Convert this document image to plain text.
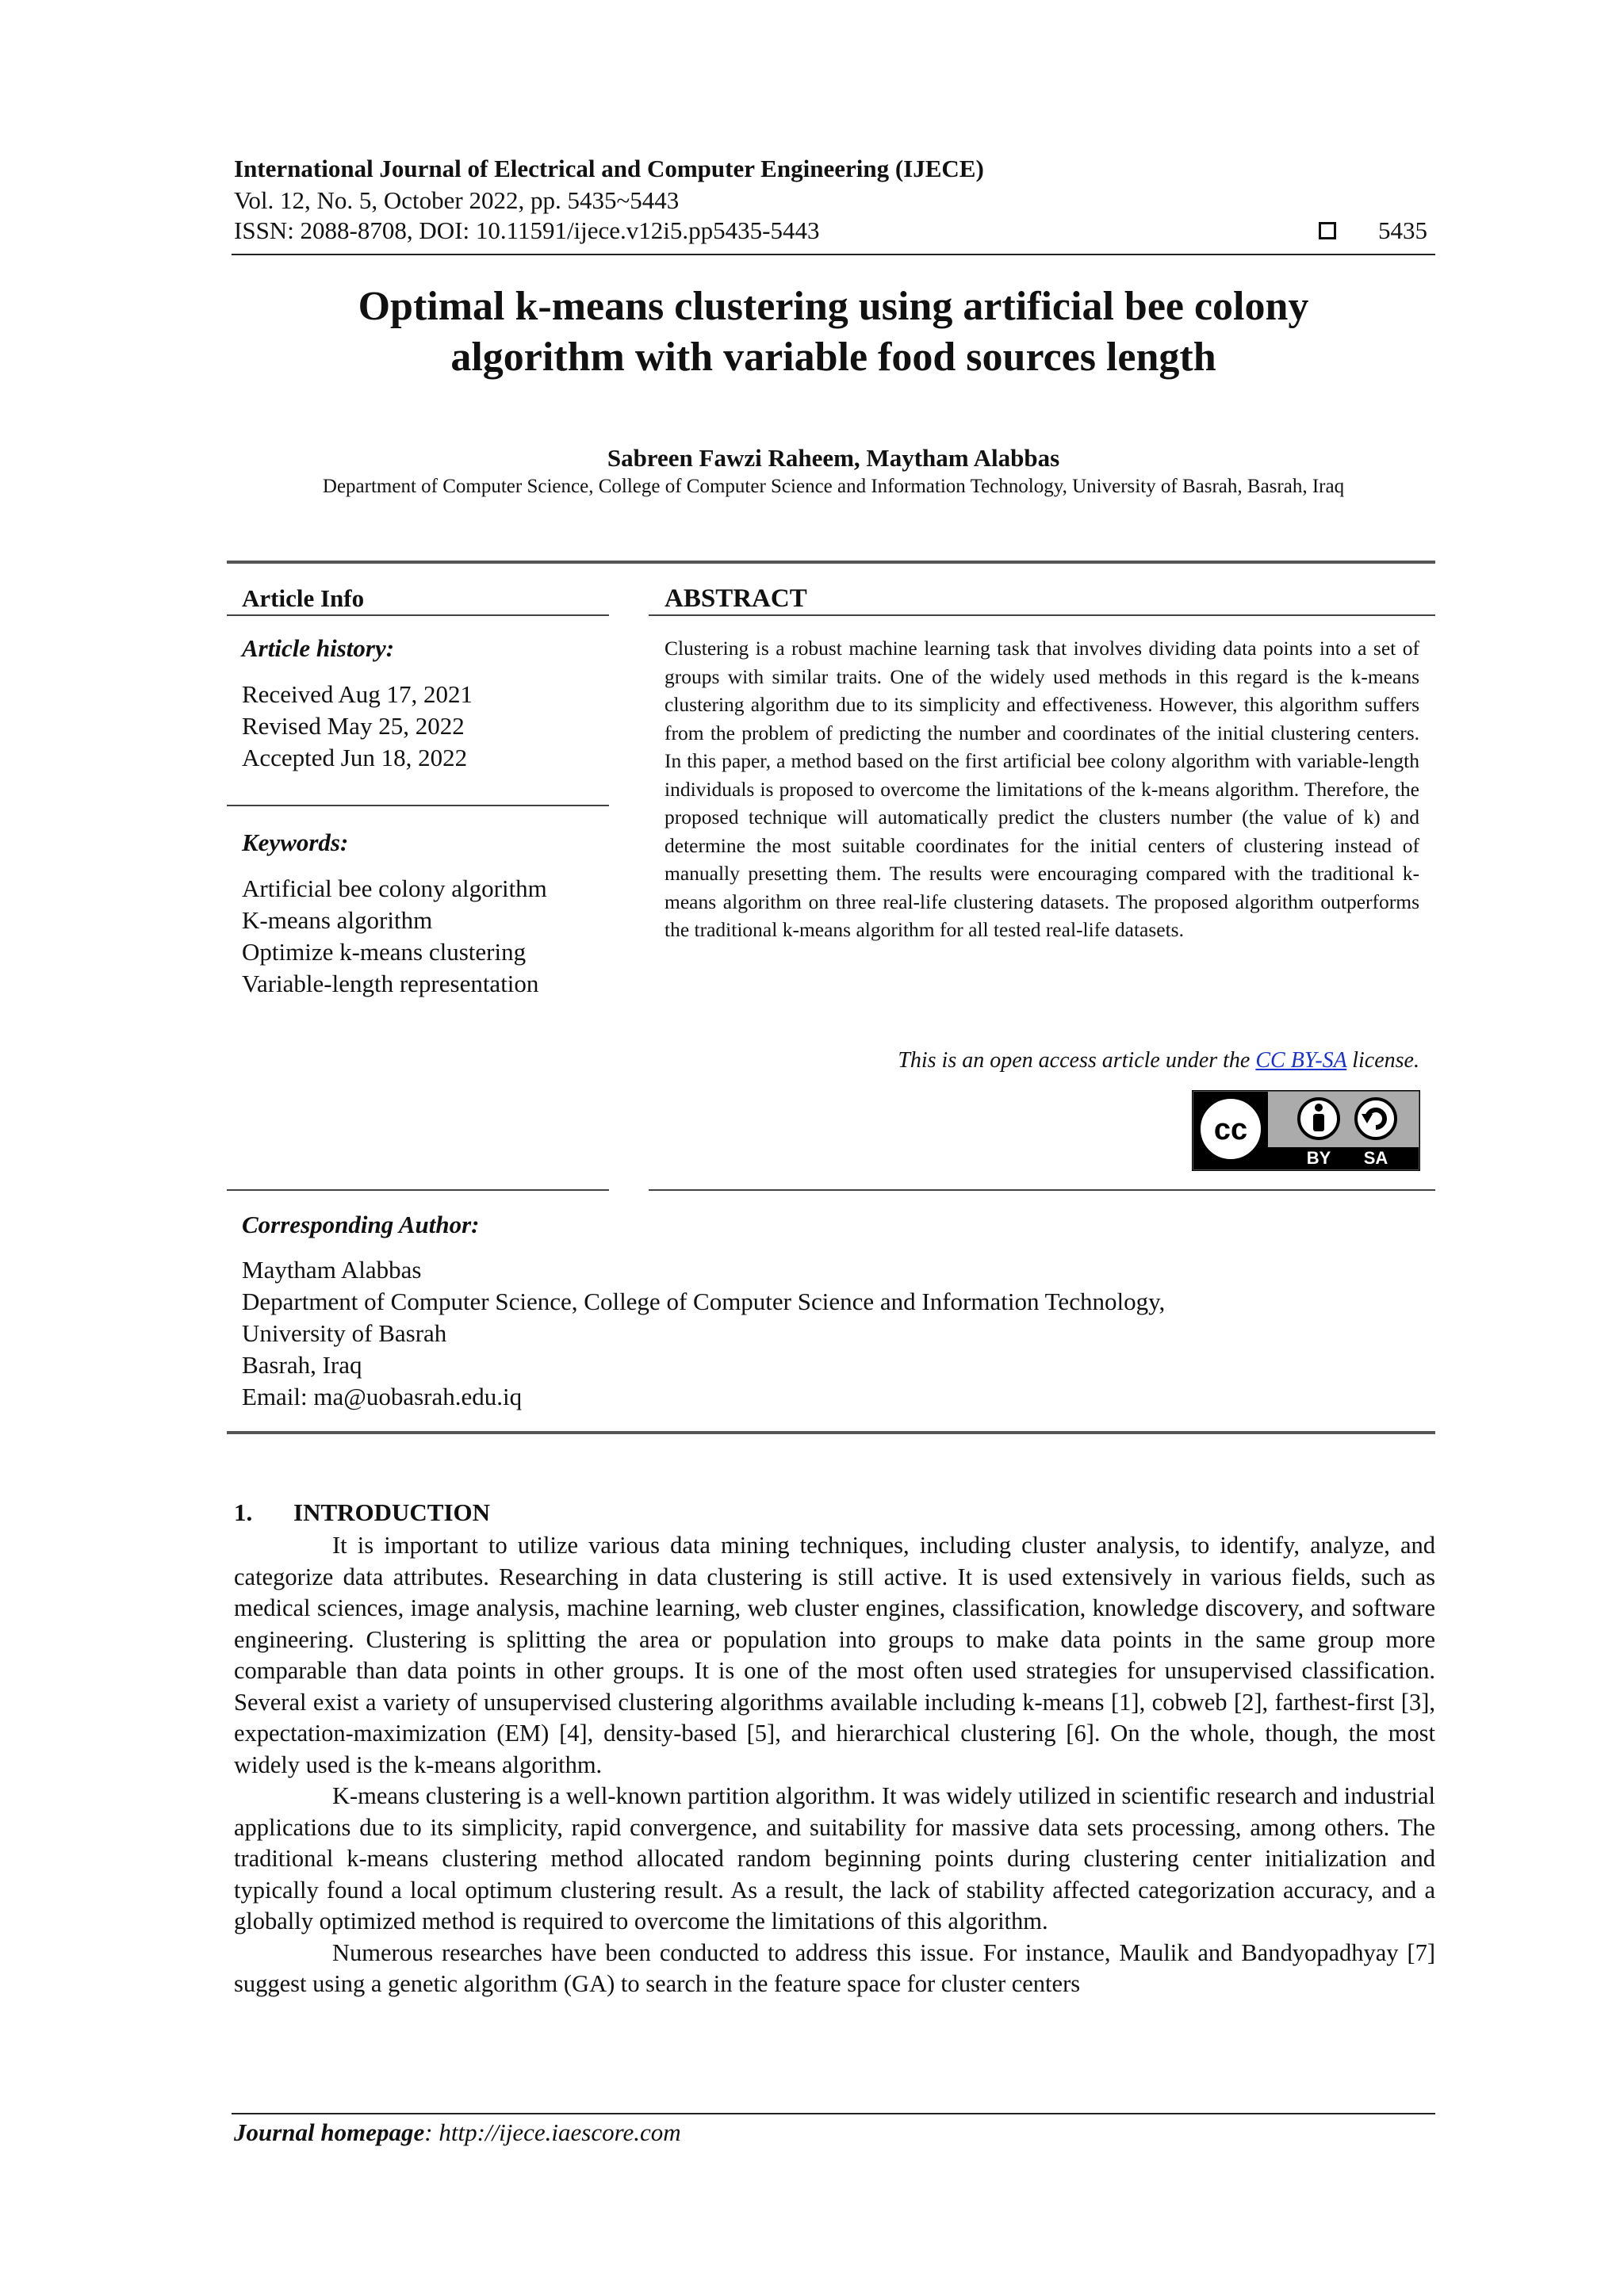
International Journal of Electrical and Computer Engineering (IJECE)
Vol. 12, No. 5, October 2022, pp. 5435~5443
ISSN: 2088-8708, DOI: 10.11591/ijece.v12i5.pp5435-5443	5435
Optimal k-means clustering using artificial bee colony
algorithm with variable food sources length
Sabreen Fawzi Raheem, Maytham Alabbas
Department of Computer Science, College of Computer Science and Information Technology, University of Basrah, Basrah, Iraq
Article Info	ABSTRACT
Article history:
Received Aug 17, 2021
Revised May 25, 2022
Accepted Jun 18, 2022
Keywords:
Artificial bee colony algorithm
K-means algorithm
Optimize k-means clustering
Variable-length representation
Clustering is a robust machine learning task that involves dividing data points into a set of groups with similar traits. One of the widely used methods in this regard is the k-means clustering algorithm due to its simplicity and effectiveness. However, this algorithm suffers from the problem of predicting the number and coordinates of the initial clustering centers. In this paper, a method based on the first artificial bee colony algorithm with variable-length individuals is proposed to overcome the limitations of the k-means algorithm. Therefore, the proposed technique will automatically predict the clusters number (the value of k) and determine the most suitable coordinates for the initial centers of clustering instead of manually presetting them. The results were encouraging compared with the traditional k-means algorithm on three real-life clustering datasets. The proposed algorithm outperforms the traditional k-means algorithm for all tested real-life datasets.
This is an open access article under the CC BY-SA license.
cc
BY SA
Corresponding Author:
Maytham Alabbas
Department of Computer Science, College of Computer Science and Information Technology,
University of Basrah
Basrah, Iraq
Email: ma@uobasrah.edu.iq
1. INTRODUCTION

It is important to utilize various data mining techniques, including cluster analysis, to identify, analyze, and categorize data attributes. Researching in data clustering is still active. It is used extensively in various fields, such as medical sciences, image analysis, machine learning, web cluster engines, classification, knowledge discovery, and software engineering. Clustering is splitting the area or population into groups to make data points in the same group more comparable than data points in other groups. It is one of the most often used strategies for unsupervised classification. Several exist a variety of unsupervised clustering algorithms available including k-means [1], cobweb [2], farthest-first [3], expectation-maximization (EM) [4], density-based [5], and hierarchical clustering [6]. On the whole, though, the most widely used is the k-means algorithm.

K-means clustering is a well-known partition algorithm. It was widely utilized in scientific research and industrial applications due to its simplicity, rapid convergence, and suitability for massive data sets processing, among others. The traditional k-means clustering method allocated random beginning points during clustering center initialization and typically found a local optimum clustering result. As a result, the lack of stability affected categorization accuracy, and a globally optimized method is required to overcome the limitations of this algorithm.

Numerous researches have been conducted to address this issue. For instance, Maulik and Bandyopadhyay [7] suggest using a genetic algorithm (GA) to search in the feature space for cluster centers

Journal homepage: http://ijece.iaescore.com
